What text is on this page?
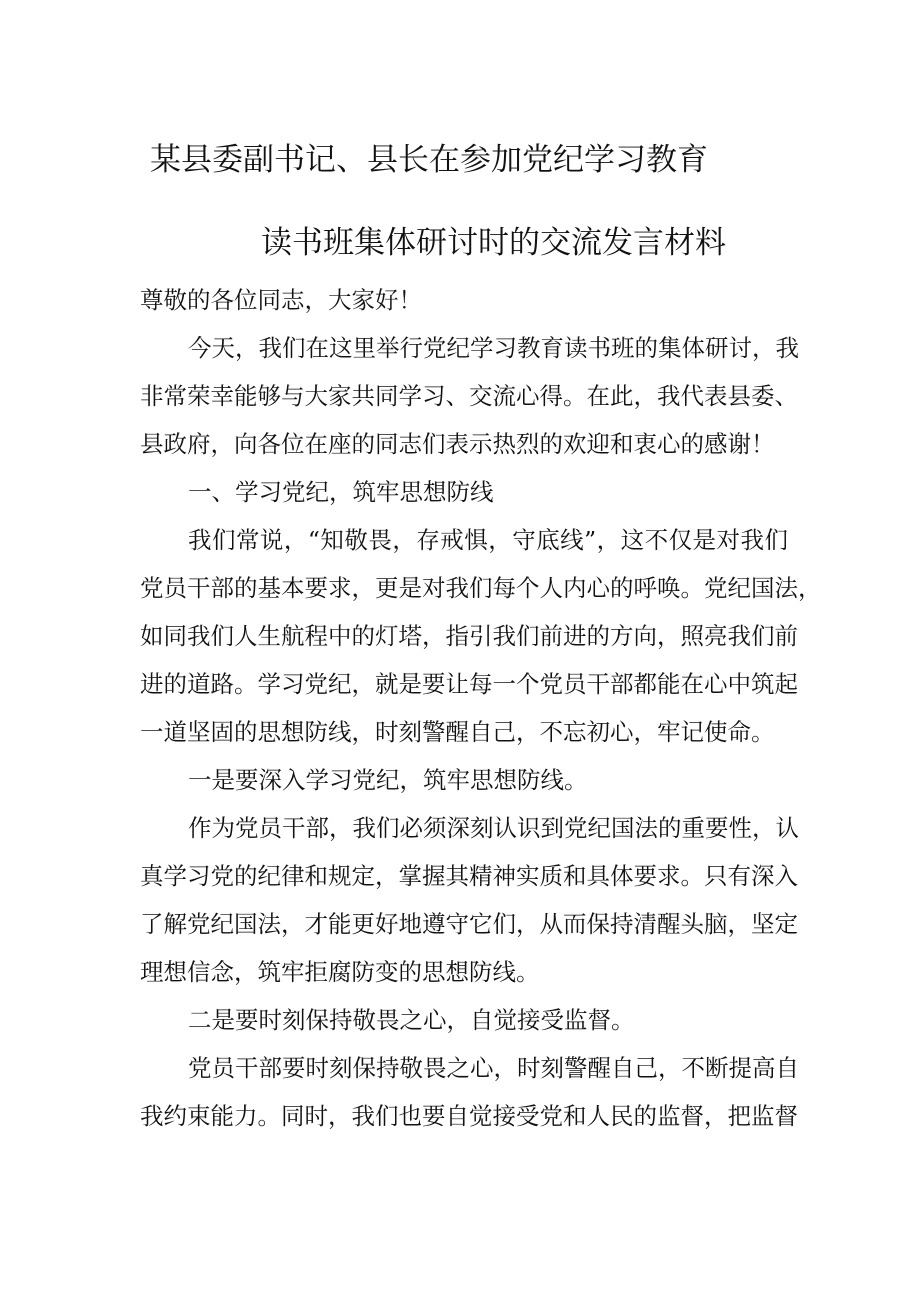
某县委副书记、县长在参加党纪学习教育
读书班集体研讨时的交流发言材料
尊敬的各位同志，大家好！
今天，我们在这里举行党纪学习教育读书班的集体研讨，我
非常荣幸能够与大家共同学习、交流心得。在此，我代表县委、
县政府，向各位在座的同志们表示热烈的欢迎和衷心的感谢！
一、学习党纪，筑牢思想防线
我们常说，“知敬畏，存戒惧，守底线”，这不仅是对我们
党员干部的基本要求，更是对我们每个人内心的呼唤。党纪国法，
如同我们人生航程中的灯塔，指引我们前进的方向，照亮我们前
进的道路。学习党纪，就是要让每一个党员干部都能在心中筑起
一道坚固的思想防线，时刻警醒自己，不忘初心，牢记使命。
一是要深入学习党纪，筑牢思想防线。
作为党员干部，我们必须深刻认识到党纪国法的重要性，认
真学习党的纪律和规定，掌握其精神实质和具体要求。只有深入
了解党纪国法，才能更好地遵守它们，从而保持清醒头脑，坚定
理想信念，筑牢拒腐防变的思想防线。
二是要时刻保持敬畏之心，自觉接受监督。
党员干部要时刻保持敬畏之心，时刻警醒自己，不断提高自
我约束能力。同时，我们也要自觉接受党和人民的监督，把监督
